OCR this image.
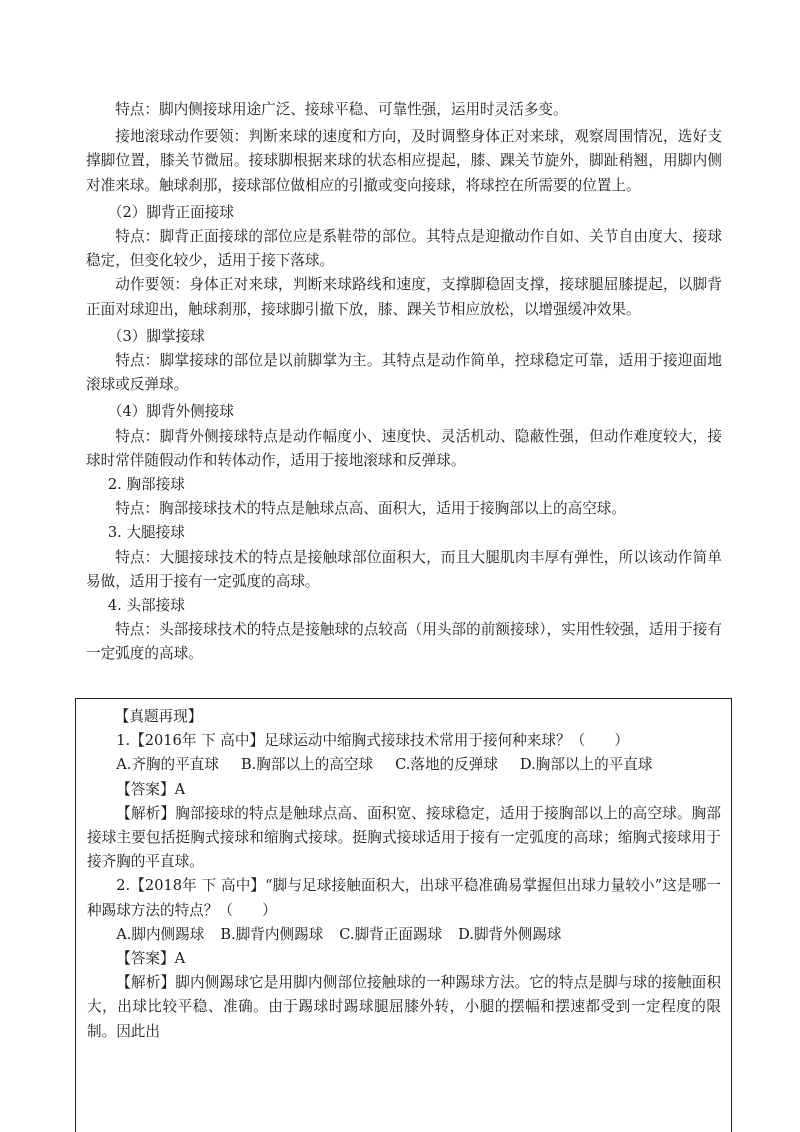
特点：脚内侧接球用途广泛、接球平稳、可靠性强，运用时灵活多变。

接地滚球动作要领：判断来球的速度和方向，及时调整身体正对来球，观察周围情况，选好支撑脚位置，膝关节微屈。接球脚根据来球的状态相应提起，膝、踝关节旋外，脚趾稍翘，用脚内侧对准来球。触球刹那，接球部位做相应的引撤或变向接球，将球控在所需要的位置上。

（2）脚背正面接球

特点：脚背正面接球的部位应是系鞋带的部位。其特点是迎撤动作自如、关节自由度大、接球稳定，但变化较少，适用于接下落球。

动作要领：身体正对来球，判断来球路线和速度，支撑脚稳固支撑，接球腿屈膝提起，以脚背正面对球迎出，触球刹那，接球脚引撤下放，膝、踝关节相应放松，以增强缓冲效果。

（3）脚掌接球

特点：脚掌接球的部位是以前脚掌为主。其特点是动作简单，控球稳定可靠，适用于接迎面地滚球或反弹球。

（4）脚背外侧接球

特点：脚背外侧接球特点是动作幅度小、速度快、灵活机动、隐蔽性强，但动作难度较大，接球时常伴随假动作和转体动作，适用于接地滚球和反弹球。

2. 胸部接球

特点：胸部接球技术的特点是触球点高、面积大，适用于接胸部以上的高空球。

3. 大腿接球

特点：大腿接球技术的特点是接触球部位面积大，而且大腿肌肉丰厚有弹性，所以该动作简单易做，适用于接有一定弧度的高球。

4. 头部接球

特点：头部接球技术的特点是接触球的点较高（用头部的前额接球），实用性较强，适用于接有一定弧度的高球。

【真题再现】

1.【2016年 下 高中】足球运动中缩胸式接球技术常用于接何种来球？（　　）

A.齐胸的平直球 B.胸部以上的高空球 C.落地的反弹球 D.胸部以上的平直球

【答案】A

【解析】胸部接球的特点是触球点高、面积宽、接球稳定，适用于接胸部以上的高空球。胸部接球主要包括挺胸式接球和缩胸式接球。挺胸式接球适用于接有一定弧度的高球；缩胸式接球用于接齐胸的平直球。

2.【2018年 下 高中】“脚与足球接触面积大，出球平稳准确易掌握但出球力量较小”这是哪一种踢球方法的特点？（　　）

A.脚内侧踢球 B.脚背内侧踢球 C.脚背正面踢球 D.脚背外侧踢球

【答案】A

【解析】脚内侧踢球它是用脚内侧部位接触球的一种踢球方法。它的特点是脚与球的接触面积大，出球比较平稳、准确。由于踢球时踢球腿屈膝外转，小腿的摆幅和摆速都受到一定程度的限制。因此出
